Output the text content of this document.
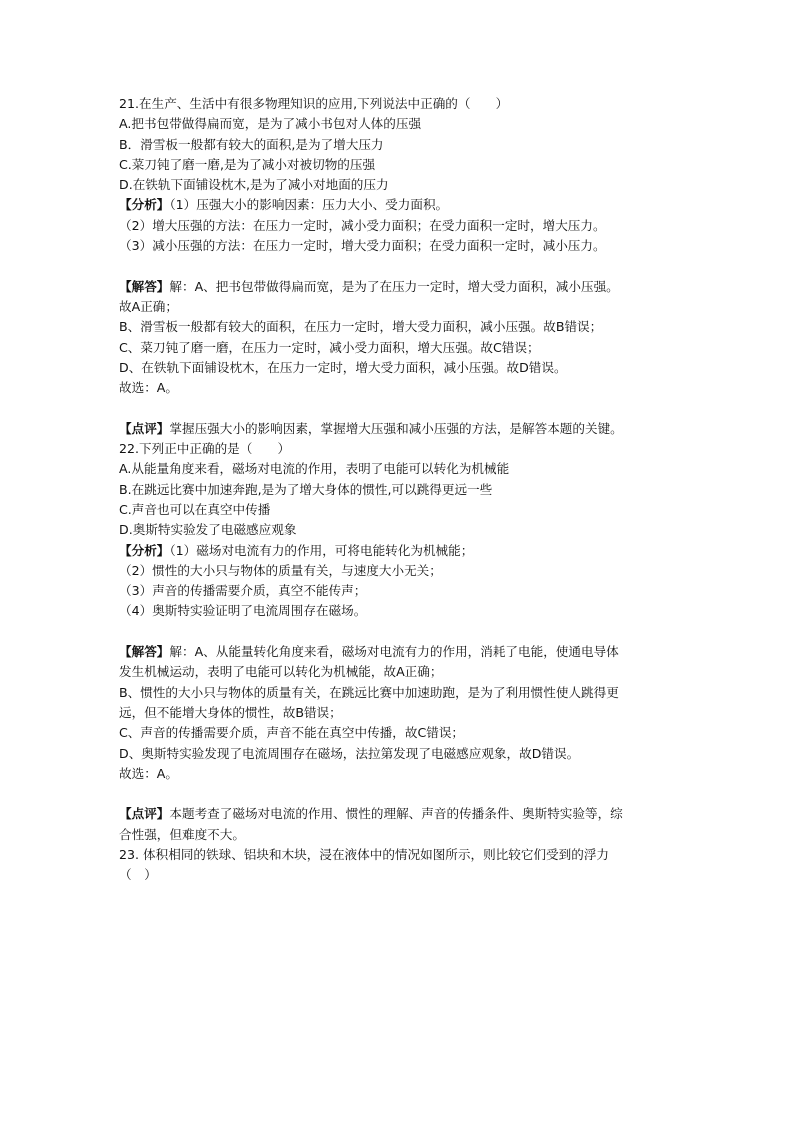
21.在生产、生活中有很多物理知识的应用,下列说法中正确的（　　）
A.把书包带做得扁而宽，是为了减小书包对人体的压强
B．滑雪板一般都有较大的面积,是为了增大压力
C.菜刀钝了磨一磨,是为了减小对被切物的压强
D.在铁轨下面铺设枕木,是为了减小对地面的压力
【分析】（1）压强大小的影响因素：压力大小、受力面积。
（2）增大压强的方法：在压力一定时，减小受力面积；在受力面积一定时，增大压力。
（3）减小压强的方法：在压力一定时，增大受力面积；在受力面积一定时，减小压力。
【解答】解：A、把书包带做得扁而宽，是为了在压力一定时，增大受力面积，减小压强。
故A正确；
B、滑雪板一般都有较大的面积，在压力一定时，增大受力面积，减小压强。故B错误；
C、菜刀钝了磨一磨，在压力一定时，减小受力面积，增大压强。故C错误；
D、在铁轨下面铺设枕木，在压力一定时，增大受力面积，减小压强。故D错误。
故选：A。
【点评】掌握压强大小的影响因素，掌握增大压强和减小压强的方法，是解答本题的关键。
22.下列正中正确的是（　　）
A.从能量角度来看，磁场对电流的作用，表明了电能可以转化为机械能
B.在跳远比赛中加速奔跑,是为了增大身体的惯性,可以跳得更远一些
C.声音也可以在真空中传播
D.奥斯特实验发了电磁感应观象
【分析】（1）磁场对电流有力的作用，可将电能转化为机械能；
（2）惯性的大小只与物体的质量有关，与速度大小无关；
（3）声音的传播需要介质，真空不能传声；
（4）奥斯特实验证明了电流周围存在磁场。
【解答】解：A、从能量转化角度来看，磁场对电流有力的作用，消耗了电能，使通电导体
发生机械运动，表明了电能可以转化为机械能，故A正确；
B、惯性的大小只与物体的质量有关，在跳远比赛中加速助跑，是为了利用惯性使人跳得更
远，但不能增大身体的惯性，故B错误；
C、声音的传播需要介质，声音不能在真空中传播，故C错误；
D、奥斯特实验发现了电流周围存在磁场，法拉第发现了电磁感应观象，故D错误。
故选：A。
【点评】本题考查了磁场对电流的作用、惯性的理解、声音的传播条件、奥斯特实验等，综
合性强，但难度不大。
23. 体积相同的铁球、铝块和木块，浸在液体中的情况如图所示，则比较它们受到的浮力
（　）
